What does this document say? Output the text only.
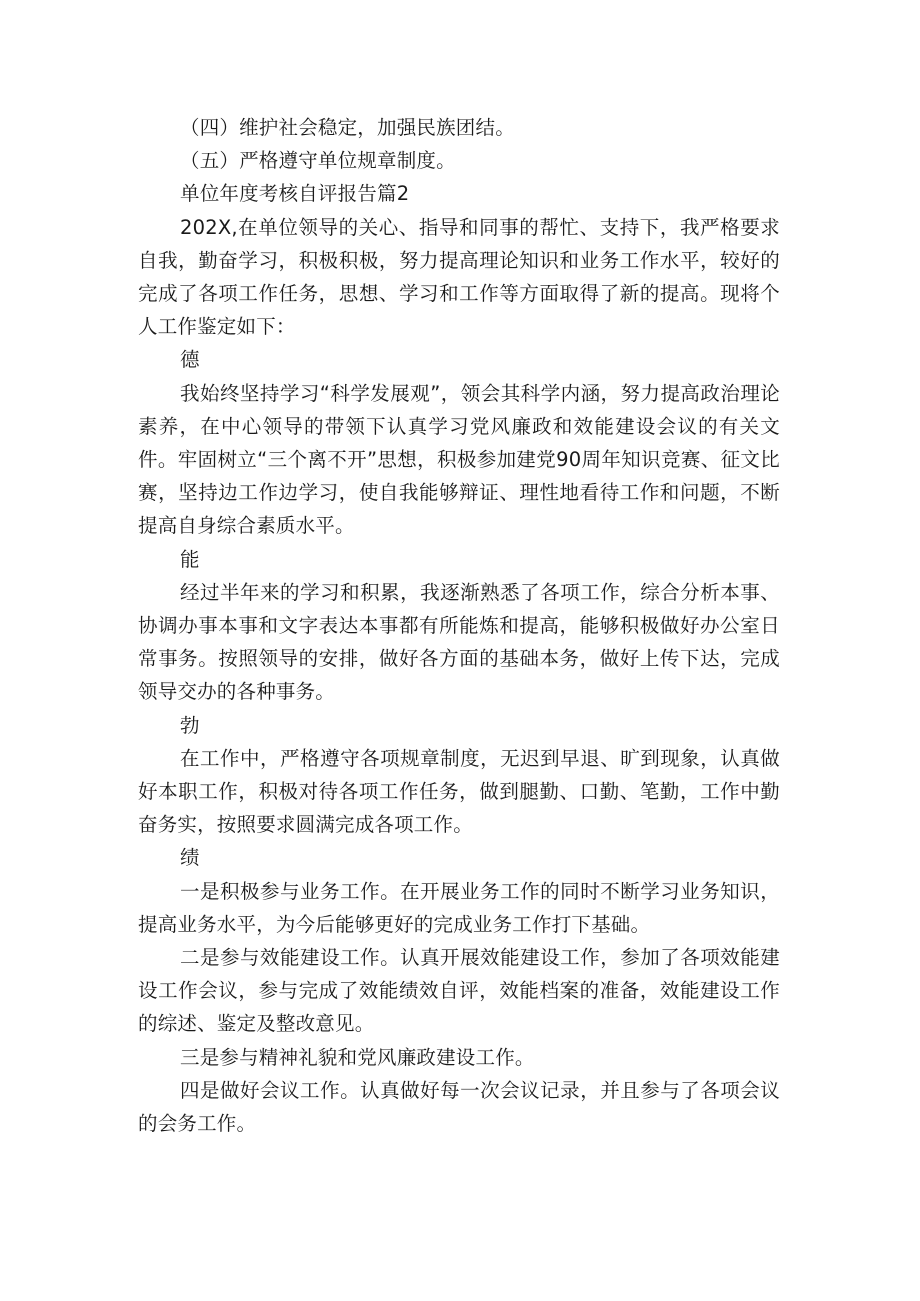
（四）维护社会稳定，加强民族团结。

（五）严格遵守单位规章制度。

单位年度考核自评报告篇2

202X,在单位领导的关心、指导和同事的帮忙、支持下，我严格要求自我，勤奋学习，积极积极，努力提高理论知识和业务工作水平，较好的完成了各项工作任务，思想、学习和工作等方面取得了新的提高。现将个人工作鉴定如下：

德

我始终坚持学习“科学发展观”，领会其科学内涵，努力提高政治理论素养，在中心领导的带领下认真学习党风廉政和效能建设会议的有关文件。牢固树立“三个离不开”思想，积极参加建党90周年知识竞赛、征文比赛，坚持边工作边学习，使自我能够辩证、理性地看待工作和问题，不断提高自身综合素质水平。

能

经过半年来的学习和积累，我逐渐熟悉了各项工作，综合分析本事、协调办事本事和文字表达本事都有所能炼和提高，能够积极做好办公室日常事务。按照领导的安排，做好各方面的基础本务，做好上传下达，完成领导交办的各种事务。

勃

在工作中，严格遵守各项规章制度，无迟到早退、旷到现象，认真做好本职工作，积极对待各项工作任务，做到腿勤、口勤、笔勤，工作中勤奋务实，按照要求圆满完成各项工作。

绩

一是积极参与业务工作。在开展业务工作的同时不断学习业务知识，提高业务水平，为今后能够更好的完成业务工作打下基础。

二是参与效能建设工作。认真开展效能建设工作，参加了各项效能建设工作会议，参与完成了效能绩效自评，效能档案的准备，效能建设工作的综述、鉴定及整改意见。

三是参与精神礼貌和党风廉政建设工作。

四是做好会议工作。认真做好每一次会议记录，并且参与了各项会议的会务工作。
